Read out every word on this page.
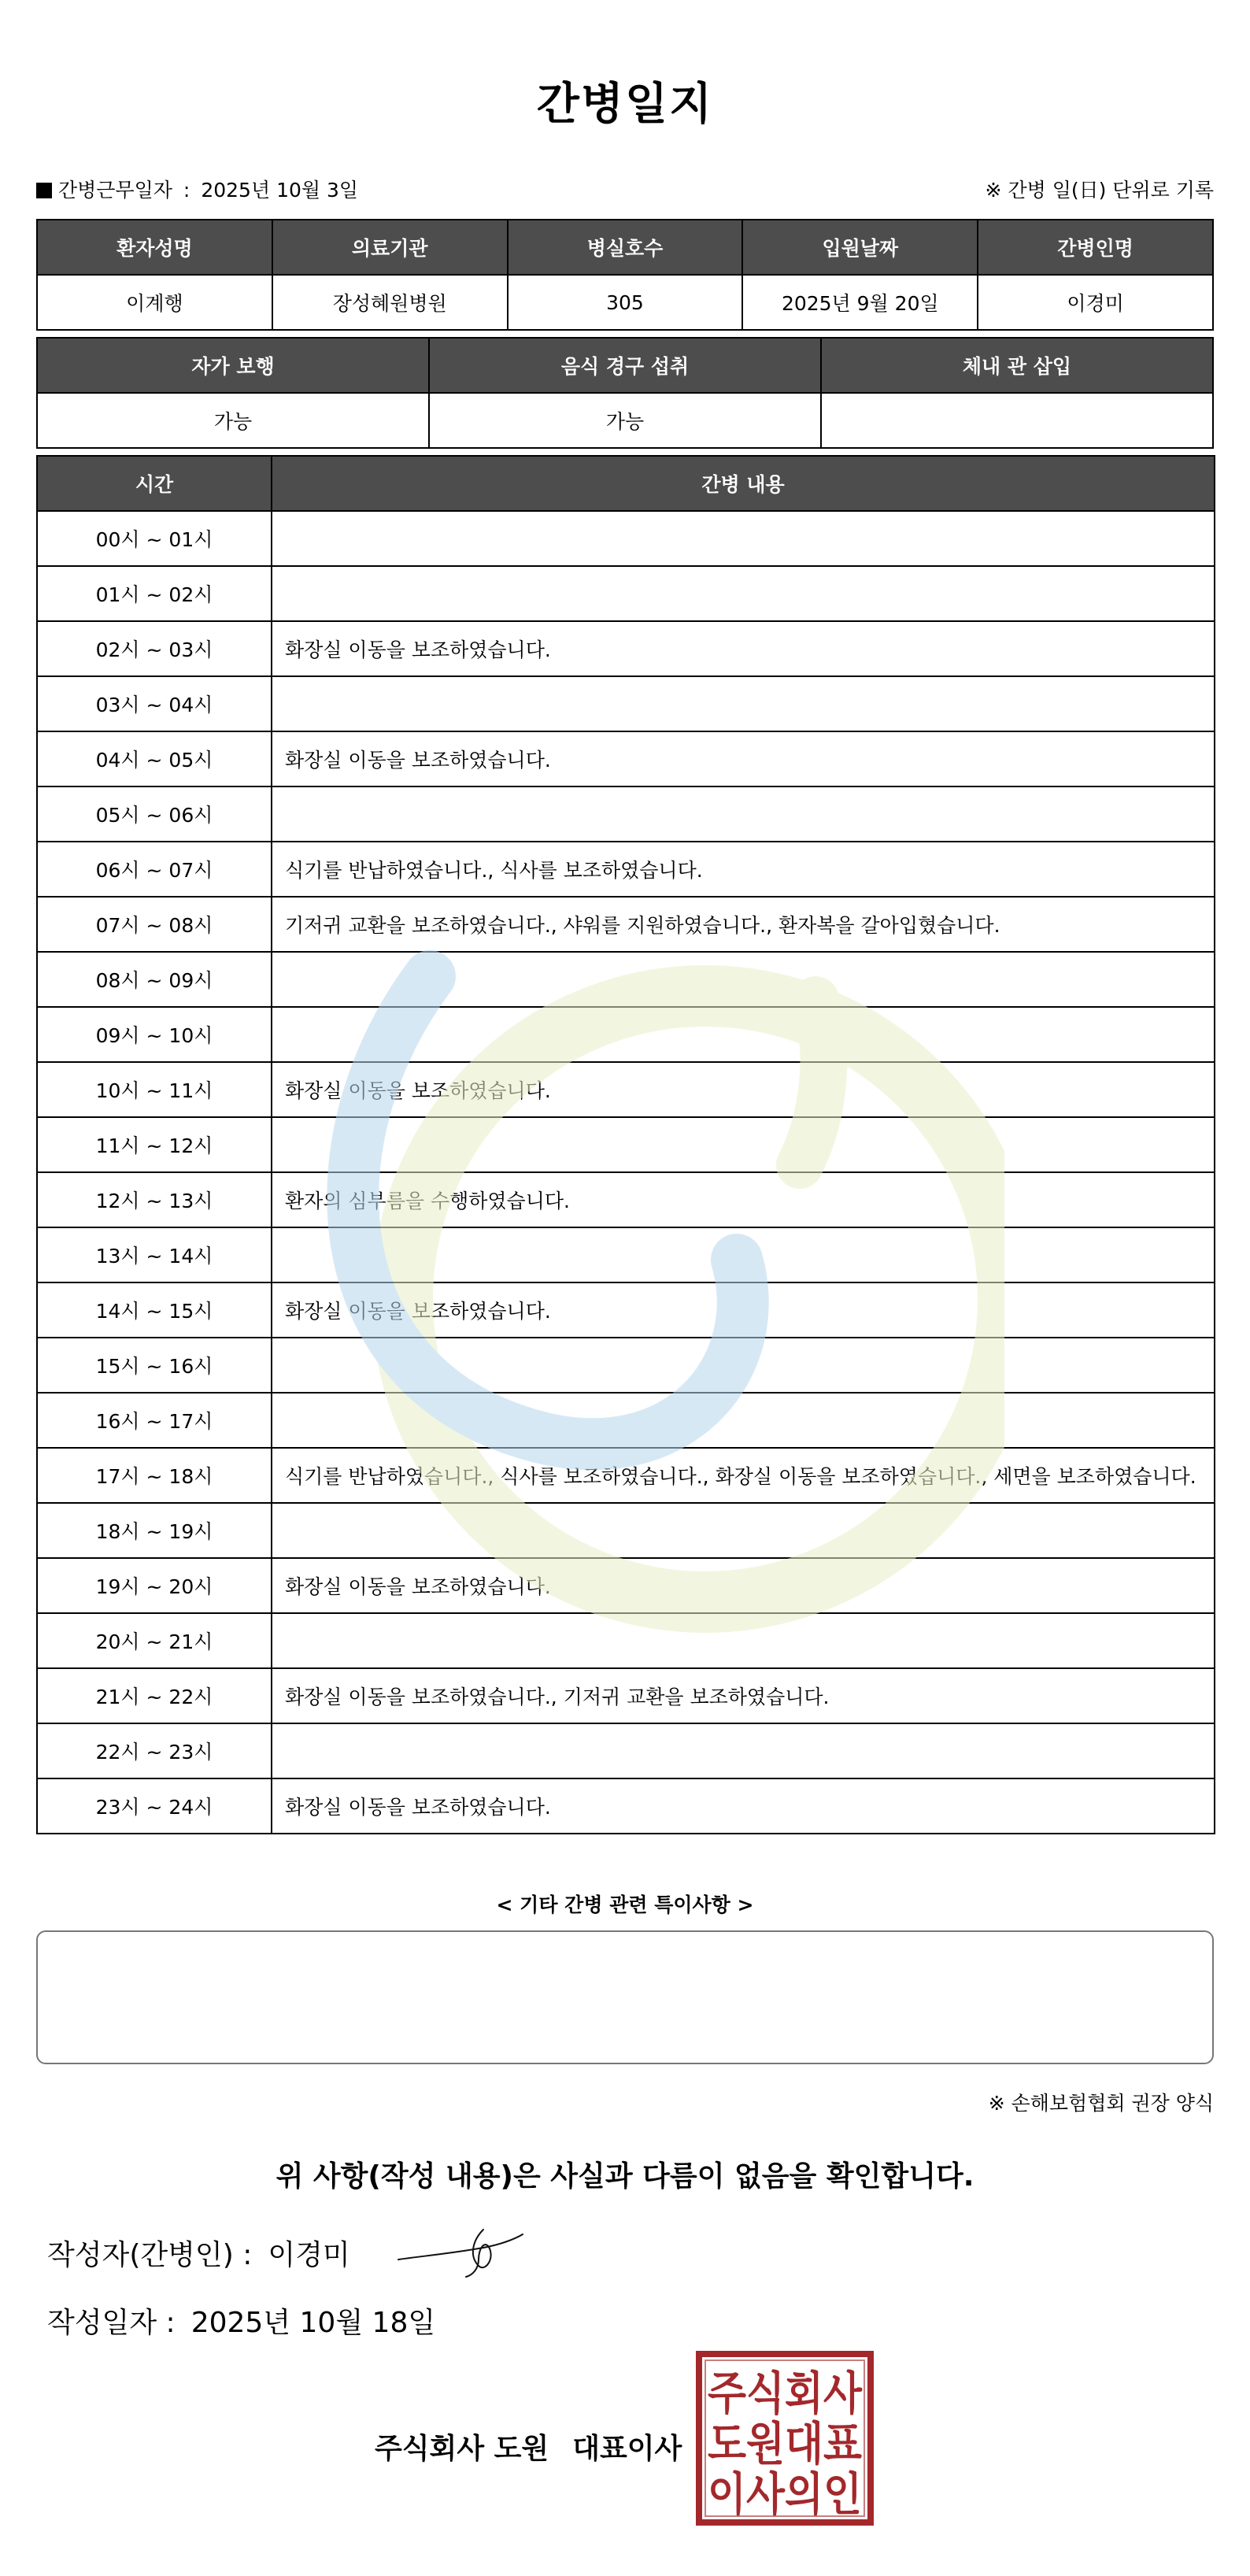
간병일지
간병근무일자 : 2025년 10월 3일	※ 간병 일(日) 단위로 기록
환자성명	의료기관	병실호수	입원날짜	간병인명
이계행	장성혜원병원	305	2025년 9월 20일	이경미
자가 보행	음식 경구 섭취	체내 관 삽입
가능	가능	
시간	간병 내용
00시 ~ 01시	
01시 ~ 02시	
02시 ~ 03시	화장실 이동을 보조하였습니다.
03시 ~ 04시	
04시 ~ 05시	화장실 이동을 보조하였습니다.
05시 ~ 06시	
06시 ~ 07시	식기를 반납하였습니다., 식사를 보조하였습니다.
07시 ~ 08시	기저귀 교환을 보조하였습니다., 샤워를 지원하였습니다., 환자복을 갈아입혔습니다.
08시 ~ 09시	
09시 ~ 10시	
10시 ~ 11시	화장실 이동을 보조하였습니다.
11시 ~ 12시	
12시 ~ 13시	환자의 심부름을 수행하였습니다.
13시 ~ 14시	
14시 ~ 15시	화장실 이동을 보조하였습니다.
15시 ~ 16시	
16시 ~ 17시	
17시 ~ 18시	식기를 반납하였습니다., 식사를 보조하였습니다., 화장실 이동을 보조하였습니다., 세면을 보조하였습니다.
18시 ~ 19시	
19시 ~ 20시	화장실 이동을 보조하였습니다.
20시 ~ 21시	
21시 ~ 22시	화장실 이동을 보조하였습니다., 기저귀 교환을 보조하였습니다.
22시 ~ 23시	
23시 ~ 24시	화장실 이동을 보조하였습니다.
< 기타 간병 관련 특이사항 >
※ 손해보험협회 권장 양식
위 사항(작성 내용)은 사실과 다름이 없음을 확인합니다.
작성자(간병인) : 이경미
작성일자 : 2025년 10월 18일
주식회사 도원 대표이사
주식회사
도원대표
이사의인
